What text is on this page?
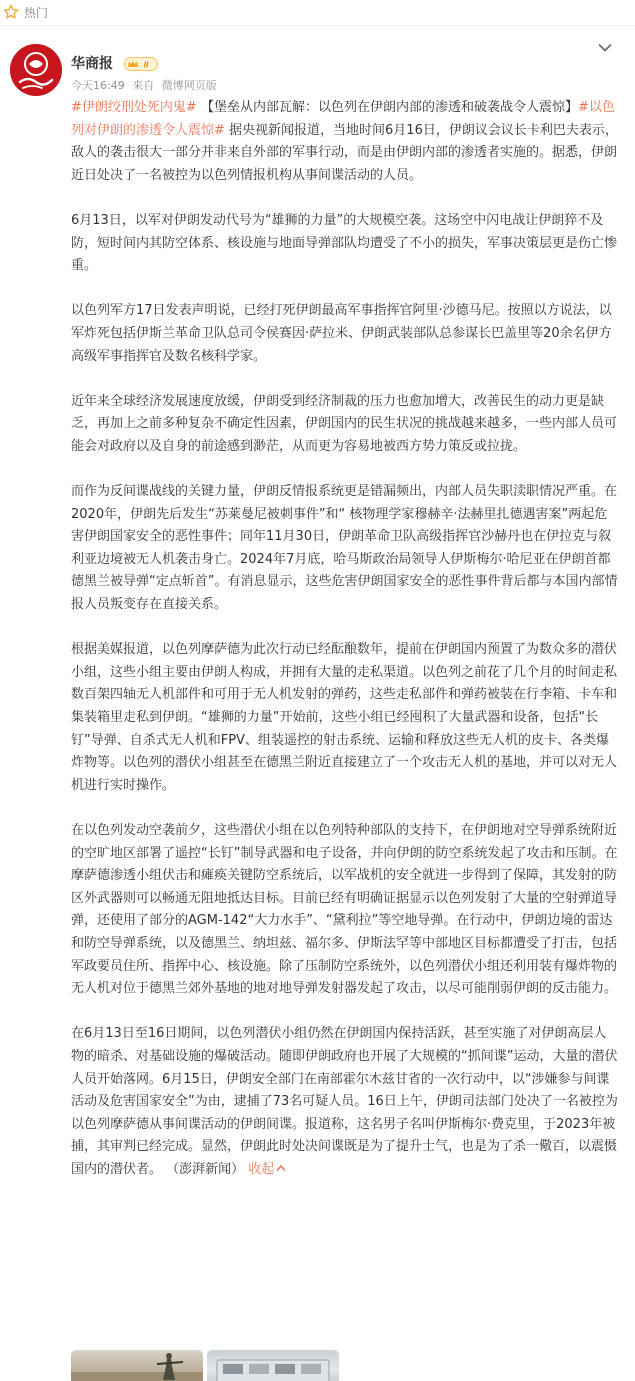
热门
华商报	II
今天16:49 来自 微博网页版

#伊朗绞刑处死内鬼# 【堡垒从内部瓦解：以色列在伊朗内部的渗透和破袭战令人震惊】#以色列对伊朗的渗透令人震惊# 据央视新闻报道，当地时间6月16日，伊朗议会议长卡利巴夫表示，敌人的袭击很大一部分并非来自外部的军事行动，而是由伊朗内部的渗透者实施的。据悉，伊朗近日处决了一名被控为以色列情报机构从事间谍活动的人员。

6月13日，以军对伊朗发动代号为“雄狮的力量”的大规模空袭。这场空中闪电战让伊朗猝不及防，短时间内其防空体系、核设施与地面导弹部队均遭受了不小的损失，军事决策层更是伤亡惨重。

以色列军方17日发表声明说，已经打死伊朗最高军事指挥官阿里·沙德马尼。按照以方说法，以军炸死包括伊斯兰革命卫队总司令侯赛因·萨拉米、伊朗武装部队总参谋长巴盖里等20余名伊方高级军事指挥官及数名核科学家。

近年来全球经济发展速度放缓，伊朗受到经济制裁的压力也愈加增大，改善民生的动力更是缺乏，再加上之前多种复杂不确定性因素，伊朗国内的民生状况的挑战越来越多，一些内部人员可能会对政府以及自身的前途感到渺茫，从而更为容易地被西方势力策反或拉拢。

而作为反间谍战线的关键力量，伊朗反情报系统更是错漏频出，内部人员失职渎职情况严重。在2020年，伊朗先后发生“苏莱曼尼被刺事件”和“ 核物理学家穆赫辛·法赫里扎德遇害案”两起危害伊朗国家安全的恶性事件；同年11月30日，伊朗革命卫队高级指挥官沙赫丹也在伊拉克与叙利亚边境被无人机袭击身亡。2024年7月底，哈马斯政治局领导人伊斯梅尔·哈尼亚在伊朗首都德黑兰被导弹“定点斩首”。有消息显示，这些危害伊朗国家安全的恶性事件背后都与本国内部情报人员叛变存在直接关系。

根据美媒报道，以色列摩萨德为此次行动已经酝酿数年，提前在伊朗国内预置了为数众多的潜伏小组，这些小组主要由伊朗人构成，并拥有大量的走私渠道。以色列之前花了几个月的时间走私数百架四轴无人机部件和可用于无人机发射的弹药，这些走私部件和弹药被装在行李箱、卡车和集装箱里走私到伊朗。“雄狮的力量”开始前，这些小组已经囤积了大量武器和设备，包括“长钉”导弹、自杀式无人机和FPV、组装遥控的射击系统、运输和释放这些无人机的皮卡、各类爆炸物等。以色列的潜伏小组甚至在德黑兰附近直接建立了一个攻击无人机的基地，并可以对无人机进行实时操作。

在以色列发动空袭前夕，这些潜伏小组在以色列特种部队的支持下，在伊朗地对空导弹系统附近的空旷地区部署了遥控“长钉”制导武器和电子设备，并向伊朗的防空系统发起了攻击和压制。在摩萨德渗透小组伏击和瘫痪关键防空系统后，以军战机的安全就进一步得到了保障，其发射的防区外武器则可以畅通无阻地抵达目标。目前已经有明确证据显示以色列发射了大量的空射弹道导弹，还使用了部分的AGM-142“大力水手”、“黛利拉”等空地导弹。在行动中，伊朗边境的雷达和防空导弹系统，以及德黑兰、纳坦兹、福尔多、伊斯法罕等中部地区目标都遭受了打击，包括军政要员住所、指挥中心、核设施。除了压制防空系统外，以色列潜伏小组还利用装有爆炸物的无人机对位于德黑兰郊外基地的地对地导弹发射器发起了攻击，以尽可能削弱伊朗的反击能力。

在6月13日至16日期间，以色列潜伏小组仍然在伊朗国内保持活跃，甚至实施了对伊朗高层人物的暗杀、对基础设施的爆破活动。随即伊朗政府也开展了大规模的“抓间谍”运动，大量的潜伏人员开始落网。6月15日，伊朗安全部门在南部霍尔木兹甘省的一次行动中，以“涉嫌参与间谍活动及危害国家安全”为由，逮捕了73名可疑人员。16日上午，伊朗司法部门处决了一名被控为以色列摩萨德从事间谍活动的伊朗间谍。报道称，这名男子名叫伊斯梅尔·费克里，于2023年被捕，其审判已经完成。显然，伊朗此时处决间谍既是为了提升士气，也是为了杀一儆百，以震慑国内的潜伏者。 （澎湃新闻） 收起
